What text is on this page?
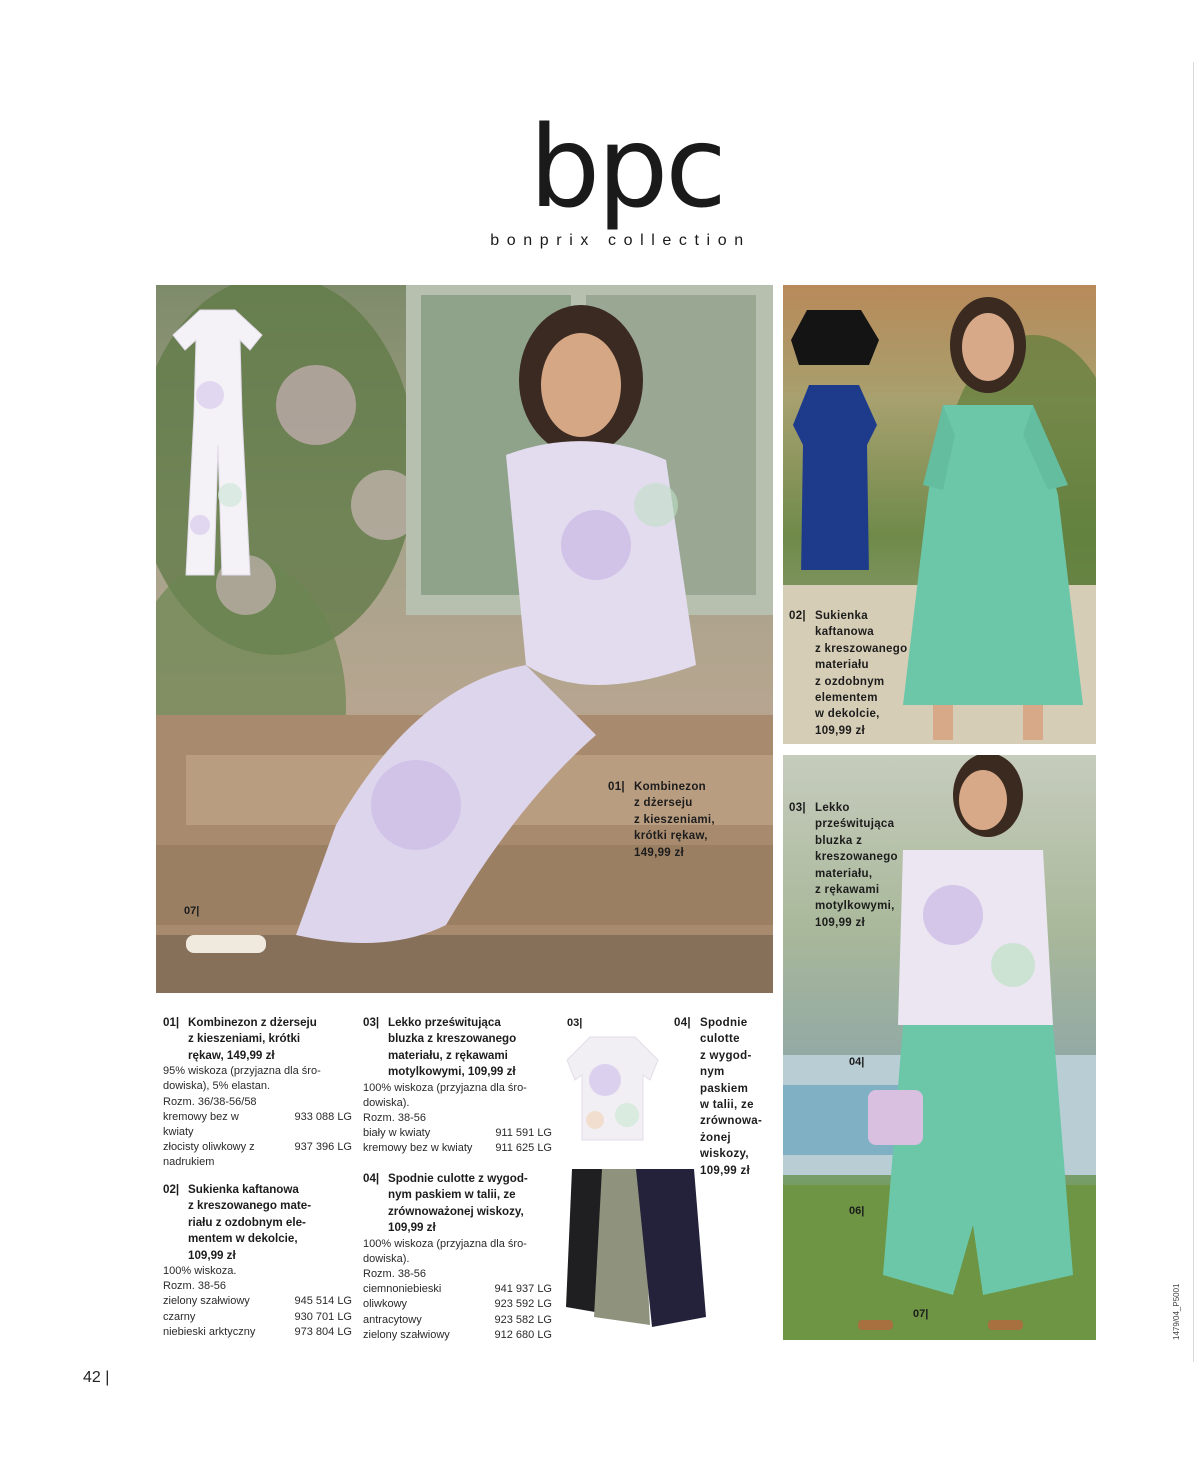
bpc
bonprix collection
01| Kombinezon
z dżerseju
z kieszeniami,
krótki rękaw,
149,99 zł
07|
02| Sukienka
kaftanowa
z kreszowanego
materiału
z ozdobnym
elementem
w dekolcie,
109,99 zł
03| Lekko
prześwitująca
bluzka z
kreszowanego
materiału,
z rękawami
motylkowymi,
109,99 zł
04|
06|
07|
01| Kombinezon z dżerseju
z kieszeniami, krótki
rękaw, 149,99 zł
95% wiskoza (przyjazna dla śro-
dowiska), 5% elastan.
Rozm. 36/38-56/58
kremowy bez w
kwiaty
933 088 LG
złocisty oliwkowy z
nadrukiem
937 396 LG
02| Sukienka kaftanowa
z kreszowanego mate-
riału z ozdobnym ele-
mentem w dekolcie,
109,99 zł
100% wiskoza.
Rozm. 38-56
zielony szałwiowy	945 514 LG
czarny	930 701 LG
niebieski arktyczny	973 804 LG
03| Lekko prześwitująca
bluzka z kreszowanego
materiału, z rękawami
motylkowymi, 109,99 zł
100% wiskoza (przyjazna dla śro-
dowiska).
Rozm. 38-56
biały w kwiaty	911 591 LG
kremowy bez w kwiaty 911 625 LG
04| Spodnie culotte z wygod-
nym paskiem w talii, ze
zrównoważonej wiskozy,
109,99 zł
100% wiskoza (przyjazna dla śro-
dowiska).
Rozm. 38-56
ciemnoniebieski	941 937 LG
oliwkowy	923 592 LG
antracytowy	923 582 LG
zielony szałwiowy	912 680 LG
03|	04| Spodnie
culotte
z wygod-
nym
paskiem
w talii, ze
zrównowa-
żonej
wiskozy,
109,99 zł
42 |
1479/04_P5001
